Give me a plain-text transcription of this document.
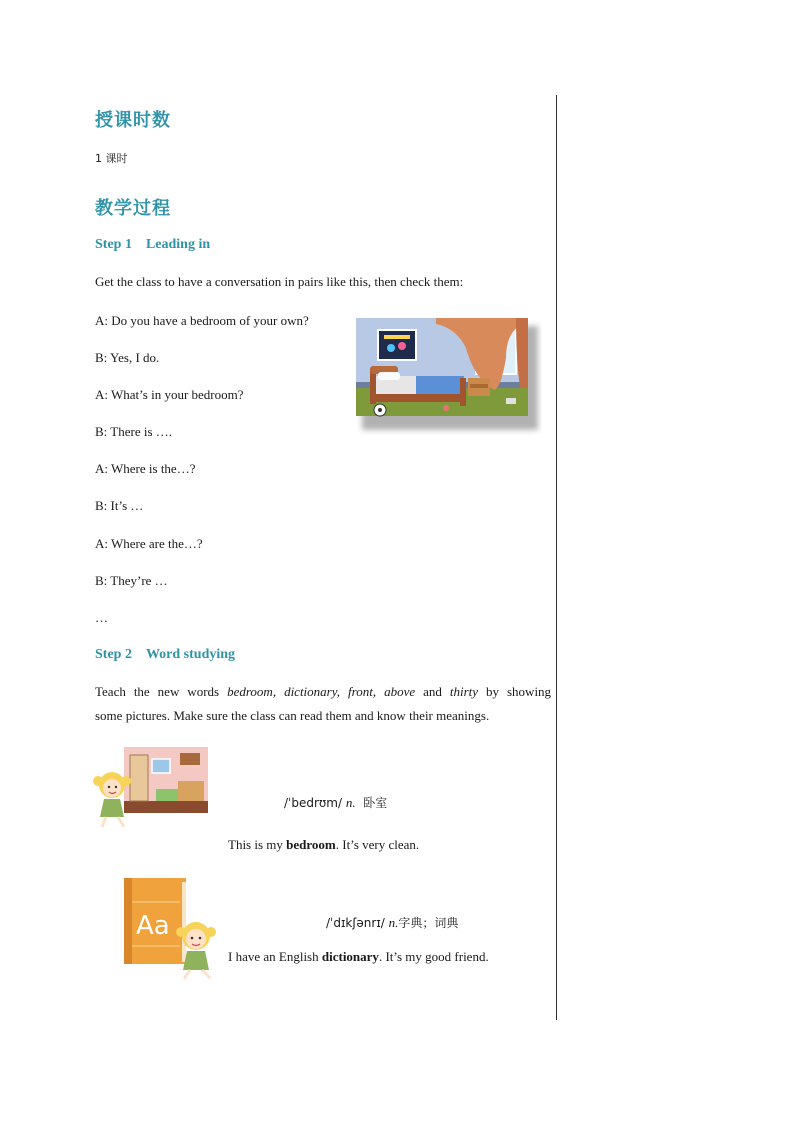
授课时数
1 课时
教学过程
Step 1 Leading in
Get the class to have a conversation in pairs like this, then check them:
A: Do you have a bedroom of your own?
B: Yes, I do.
A: What’s in your bedroom?
B: There is ….
A: Where is the…?
B: It’s …
A: Where are the…?
B: They’re …
…
Step 2 Word studying
Teach the new words bedroom, dictionary, front, above and thirty by showing
some pictures. Make sure the class can read them and know their meanings.
/ˈbedrʊm/ n. 卧室
This is my bedroom. It’s very clean.
Aa	/ˈdɪkʃənrɪ/ n.字典；词典
I have an English dictionary. It’s my good friend.
